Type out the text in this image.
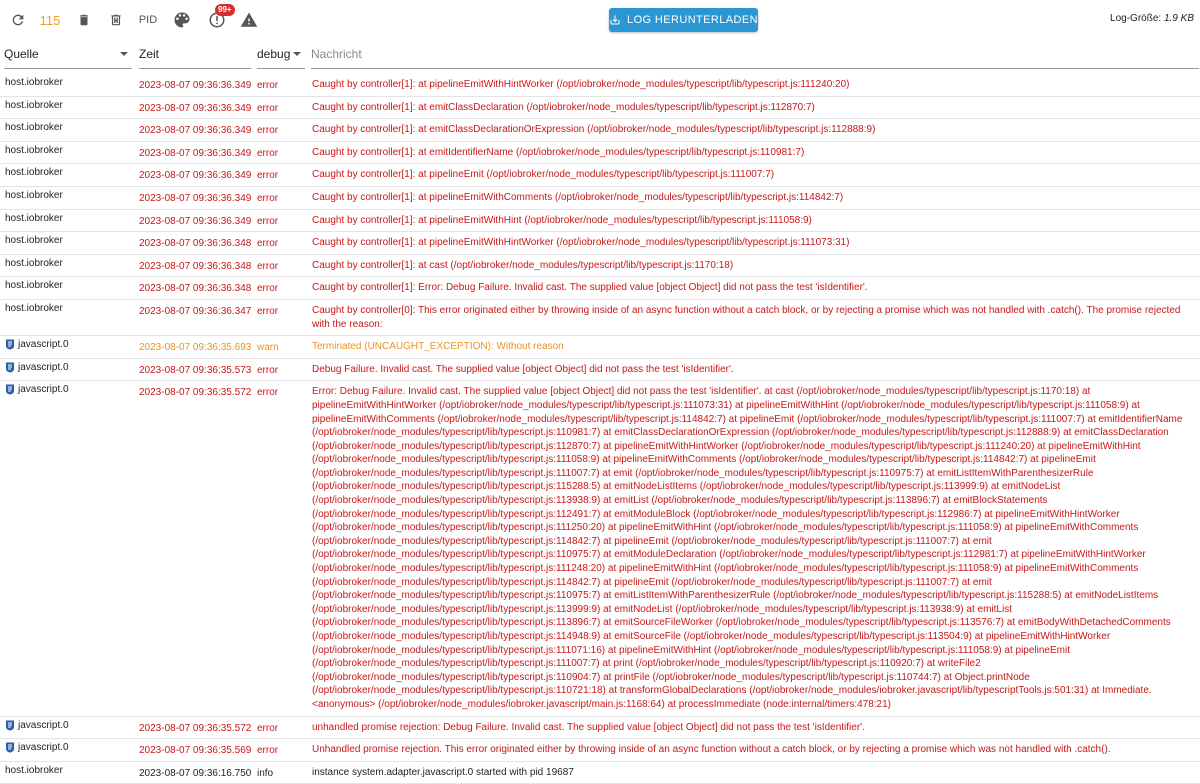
115	PID
99+
LOG HERUNTERLADEN	Log-Größe: 1.9 KB
Quelle	Zeit	debug Nachricht
host.iobroker	2023-08-07 09:36:36.349 error	Caught by controller[1]: at pipelineEmitWithHintWorker (/opt/iobroker/node_modules/typescript/lib/typescript.js:111240:20)
host.iobroker	2023-08-07 09:36:36.349 error	Caught by controller[1]: at emitClassDeclaration (/opt/iobroker/node_modules/typescript/lib/typescript.js:112870:7)
host.iobroker	2023-08-07 09:36:36.349 error	Caught by controller[1]: at emitClassDeclarationOrExpression (/opt/iobroker/node_modules/typescript/lib/typescript.js:112888:9)
host.iobroker	2023-08-07 09:36:36.349 error	Caught by controller[1]: at emitIdentifierName (/opt/iobroker/node_modules/typescript/lib/typescript.js:110981:7)
host.iobroker	2023-08-07 09:36:36.349 error	Caught by controller[1]: at pipelineEmit (/opt/iobroker/node_modules/typescript/lib/typescript.js:111007:7)
host.iobroker	2023-08-07 09:36:36.349 error	Caught by controller[1]: at pipelineEmitWithComments (/opt/iobroker/node_modules/typescript/lib/typescript.js:114842:7)
host.iobroker	2023-08-07 09:36:36.349 error	Caught by controller[1]: at pipelineEmitWithHint (/opt/iobroker/node_modules/typescript/lib/typescript.js:111058:9)
host.iobroker	2023-08-07 09:36:36.348 error	Caught by controller[1]: at pipelineEmitWithHintWorker (/opt/iobroker/node_modules/typescript/lib/typescript.js:111073:31)
host.iobroker	2023-08-07 09:36:36.348 error	Caught by controller[1]: at cast (/opt/iobroker/node_modules/typescript/lib/typescript.js:1170:18)
host.iobroker	2023-08-07 09:36:36.348 error	Caught by controller[1]: Error: Debug Failure. Invalid cast. The supplied value [object Object] did not pass the test 'isIdentifier'.
host.iobroker	2023-08-07 09:36:36.347 error	Caught by controller[0]: This error originated either by throwing inside of an async function without a catch block, or by rejecting a promise which was not handled with .catch(). The promise rejected with the reason:
javascript.0	2023-08-07 09:36:35.693 warn	Terminated (UNCAUGHT_EXCEPTION): Without reason
javascript.0	2023-08-07 09:36:35.573 error	Debug Failure. Invalid cast. The supplied value [object Object] did not pass the test 'isIdentifier'.
javascript.0	2023-08-07 09:36:35.572 error	Error: Debug Failure. Invalid cast. The supplied value [object Object] did not pass the test 'isIdentifier'. at cast (/opt/iobroker/node_modules/typescript/lib/typescript.js:1170:18) at pipelineEmitWithHintWorker (/opt/iobroker/node_modules/typescript/lib/typescript.js:111073:31) at pipelineEmitWithHint (/opt/iobroker/node_modules/typescript/lib/typescript.js:111058:9) at pipelineEmitWithComments (/opt/iobroker/node_modules/typescript/lib/typescript.js:114842:7) at pipelineEmit (/opt/iobroker/node_modules/typescript/lib/typescript.js:111007:7) at emitIdentifierName (/opt/iobroker/node_modules/typescript/lib/typescript.js:110981:7) at emitClassDeclarationOrExpression (/opt/iobroker/node_modules/typescript/lib/typescript.js:112888:9) at emitClassDeclaration (/opt/iobroker/node_modules/typescript/lib/typescript.js:112870:7) at pipelineEmitWithHintWorker (/opt/iobroker/node_modules/typescript/lib/typescript.js:111240:20) at pipelineEmitWithHint (/opt/iobroker/node_modules/typescript/lib/typescript.js:111058:9) at pipelineEmitWithComments (/opt/iobroker/node_modules/typescript/lib/typescript.js:114842:7) at pipelineEmit (/opt/iobroker/node_modules/typescript/lib/typescript.js:111007:7) at emit (/opt/iobroker/node_modules/typescript/lib/typescript.js:110975:7) at emitListItemWithParenthesizerRule (/opt/iobroker/node_modules/typescript/lib/typescript.js:115288:5) at emitNodeListItems (/opt/iobroker/node_modules/typescript/lib/typescript.js:113999:9) at emitNodeList (/opt/iobroker/node_modules/typescript/lib/typescript.js:113938:9) at emitList (/opt/iobroker/node_modules/typescript/lib/typescript.js:113896:7) at emitBlockStatements (/opt/iobroker/node_modules/typescript/lib/typescript.js:112491:7) at emitModuleBlock (/opt/iobroker/node_modules/typescript/lib/typescript.js:112986:7) at pipelineEmitWithHintWorker (/opt/iobroker/node_modules/typescript/lib/typescript.js:111250:20) at pipelineEmitWithHint (/opt/iobroker/node_modules/typescript/lib/typescript.js:111058:9) at pipelineEmitWithComments (/opt/iobroker/node_modules/typescript/lib/typescript.js:114842:7) at pipelineEmit (/opt/iobroker/node_modules/typescript/lib/typescript.js:111007:7) at emit (/opt/iobroker/node_modules/typescript/lib/typescript.js:110975:7) at emitModuleDeclaration (/opt/iobroker/node_modules/typescript/lib/typescript.js:112981:7) at pipelineEmitWithHintWorker (/opt/iobroker/node_modules/typescript/lib/typescript.js:111248:20) at pipelineEmitWithHint (/opt/iobroker/node_modules/typescript/lib/typescript.js:111058:9) at pipelineEmitWithComments (/opt/iobroker/node_modules/typescript/lib/typescript.js:114842:7) at pipelineEmit (/opt/iobroker/node_modules/typescript/lib/typescript.js:111007:7) at emit (/opt/iobroker/node_modules/typescript/lib/typescript.js:110975:7) at emitListItemWithParenthesizerRule (/opt/iobroker/node_modules/typescript/lib/typescript.js:115288:5) at emitNodeListItems (/opt/iobroker/node_modules/typescript/lib/typescript.js:113999:9) at emitNodeList (/opt/iobroker/node_modules/typescript/lib/typescript.js:113938:9) at emitList (/opt/iobroker/node_modules/typescript/lib/typescript.js:113896:7) at emitSourceFileWorker (/opt/iobroker/node_modules/typescript/lib/typescript.js:113576:7) at emitBodyWithDetachedComments (/opt/iobroker/node_modules/typescript/lib/typescript.js:114948:9) at emitSourceFile (/opt/iobroker/node_modules/typescript/lib/typescript.js:113504:9) at pipelineEmitWithHintWorker (/opt/iobroker/node_modules/typescript/lib/typescript.js:111071:16) at pipelineEmitWithHint (/opt/iobroker/node_modules/typescript/lib/typescript.js:111058:9) at pipelineEmit (/opt/iobroker/node_modules/typescript/lib/typescript.js:111007:7) at print (/opt/iobroker/node_modules/typescript/lib/typescript.js:110920:7) at writeFile2 (/opt/iobroker/node_modules/typescript/lib/typescript.js:110904:7) at printFile (/opt/iobroker/node_modules/typescript/lib/typescript.js:110744:7) at Object.printNode (/opt/iobroker/node_modules/typescript/lib/typescript.js:110721:18) at transformGlobalDeclarations (/opt/iobroker/node_modules/iobroker.javascript/lib/typescriptTools.js:501:31) at Immediate.<anonymous> (/opt/iobroker/node_modules/iobroker.javascript/main.js:1168:64) at processImmediate (node:internal/timers:478:21)
javascript.0	2023-08-07 09:36:35.572 error	unhandled promise rejection: Debug Failure. Invalid cast. The supplied value [object Object] did not pass the test 'isIdentifier'.
javascript.0	2023-08-07 09:36:35.569 error	Unhandled promise rejection. This error originated either by throwing inside of an async function without a catch block, or by rejecting a promise which was not handled with .catch().
host.iobroker	2023-08-07 09:36:16.750 info	instance system.adapter.javascript.0 started with pid 19687
